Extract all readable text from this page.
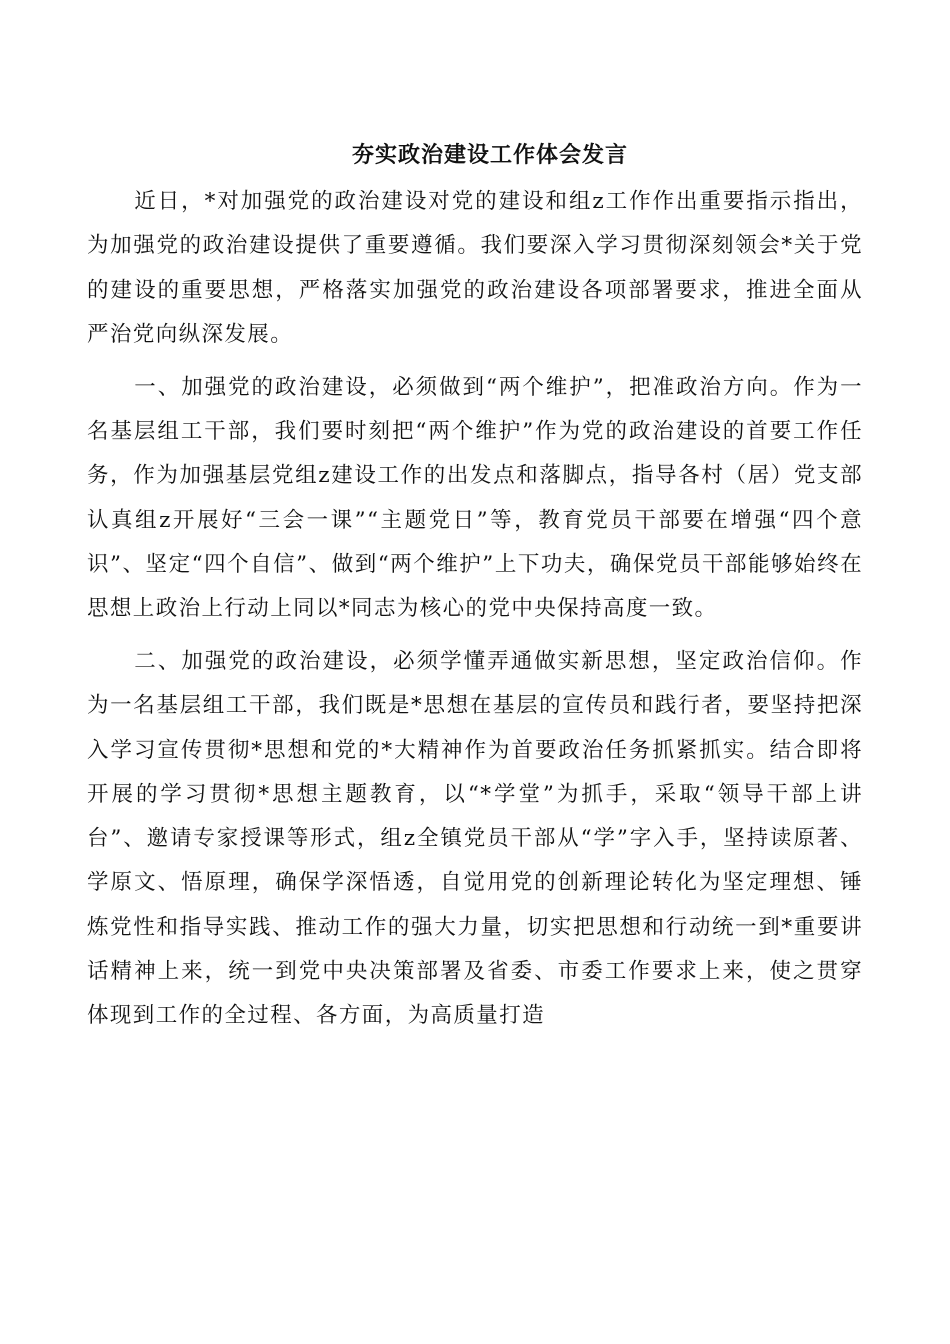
夯实政治建设工作体会发言

近日，*对加强党的政治建设对党的建设和组z工作作出重要指示指出，为加强党的政治建设提供了重要遵循。我们要深入学习贯彻深刻领会*关于党的建设的重要思想，严格落实加强党的政治建设各项部署要求，推进全面从严治党向纵深发展。

一、加强党的政治建设，必须做到“两个维护”，把准政治方向。作为一名基层组工干部，我们要时刻把“两个维护”作为党的政治建设的首要工作任务，作为加强基层党组z建设工作的出发点和落脚点，指导各村（居）党支部认真组z开展好“三会一课”“主题党日”等，教育党员干部要在增强“四个意识”、坚定“四个自信”、做到“两个维护”上下功夫，确保党员干部能够始终在思想上政治上行动上同以*同志为核心的党中央保持高度一致。

二、加强党的政治建设，必须学懂弄通做实新思想，坚定政治信仰。作为一名基层组工干部，我们既是*思想在基层的宣传员和践行者，要坚持把深入学习宣传贯彻*思想和党的*大精神作为首要政治任务抓紧抓实。结合即将开展的学习贯彻*思想主题教育，以“*学堂”为抓手，采取“领导干部上讲台”、邀请专家授课等形式，组z全镇党员干部从“学”字入手，坚持读原著、学原文、悟原理，确保学深悟透，自觉用党的创新理论转化为坚定理想、锤炼党性和指导实践、推动工作的强大力量，切实把思想和行动统一到*重要讲话精神上来，统一到党中央决策部署及省委、市委工作要求上来，使之贯穿体现到工作的全过程、各方面，为高质量打造
